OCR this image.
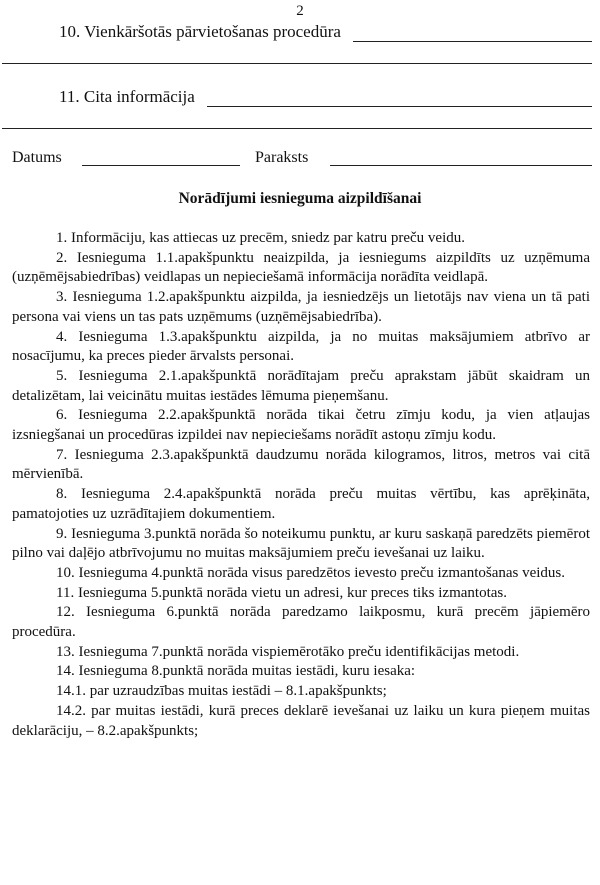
2
10. Vienkāršotās pārvietošanas procedūra
11. Cita informācija
Datums	Paraksts
Norādījumi iesnieguma aizpildīšanai

1. Informāciju, kas attiecas uz precēm, sniedz par katru preču veidu.

2. Iesnieguma 1.1.apakšpunktu neaizpilda, ja iesniegums aizpildīts uz uzņēmuma (uzņēmējsabiedrības) veidlapas un nepieciešamā informācija norādīta veidlapā.

3. Iesnieguma 1.2.apakšpunktu aizpilda, ja iesniedzējs un lietotājs nav viena un tā pati persona vai viens un tas pats uzņēmums (uzņēmējsabiedrība).

4. Iesnieguma 1.3.apakšpunktu aizpilda, ja no muitas maksājumiem atbrīvo ar nosacījumu, ka preces pieder ārvalsts personai.

5. Iesnieguma 2.1.apakšpunktā norādītajam preču aprakstam jābūt skaidram un detalizētam, lai veicinātu muitas iestādes lēmuma pieņemšanu.

6. Iesnieguma 2.2.apakšpunktā norāda tikai četru zīmju kodu, ja vien atļaujas izsniegšanai un procedūras izpildei nav nepieciešams norādīt astoņu zīmju kodu.

7. Iesnieguma 2.3.apakšpunktā daudzumu norāda kilogramos, litros, metros vai citā mērvienībā.

8. Iesnieguma 2.4.apakšpunktā norāda preču muitas vērtību, kas aprēķināta, pamatojoties uz uzrādītajiem dokumentiem.

9. Iesnieguma 3.punktā norāda šo noteikumu punktu, ar kuru saskaņā paredzēts piemērot pilno vai daļējo atbrīvojumu no muitas maksājumiem preču ievešanai uz laiku.

10. Iesnieguma 4.punktā norāda visus paredzētos ievesto preču izmantošanas veidus.

11. Iesnieguma 5.punktā norāda vietu un adresi, kur preces tiks izmantotas.

12. Iesnieguma 6.punktā norāda paredzamo laikposmu, kurā precēm jāpiemēro procedūra.

13. Iesnieguma 7.punktā norāda vispiemērotāko preču identifikācijas metodi.

14. Iesnieguma 8.punktā norāda muitas iestādi, kuru iesaka:

14.1. par uzraudzības muitas iestādi – 8.1.apakšpunkts;

14.2. par muitas iestādi, kurā preces deklarē ievešanai uz laiku un kura pieņem muitas deklarāciju, – 8.2.apakšpunkts;
